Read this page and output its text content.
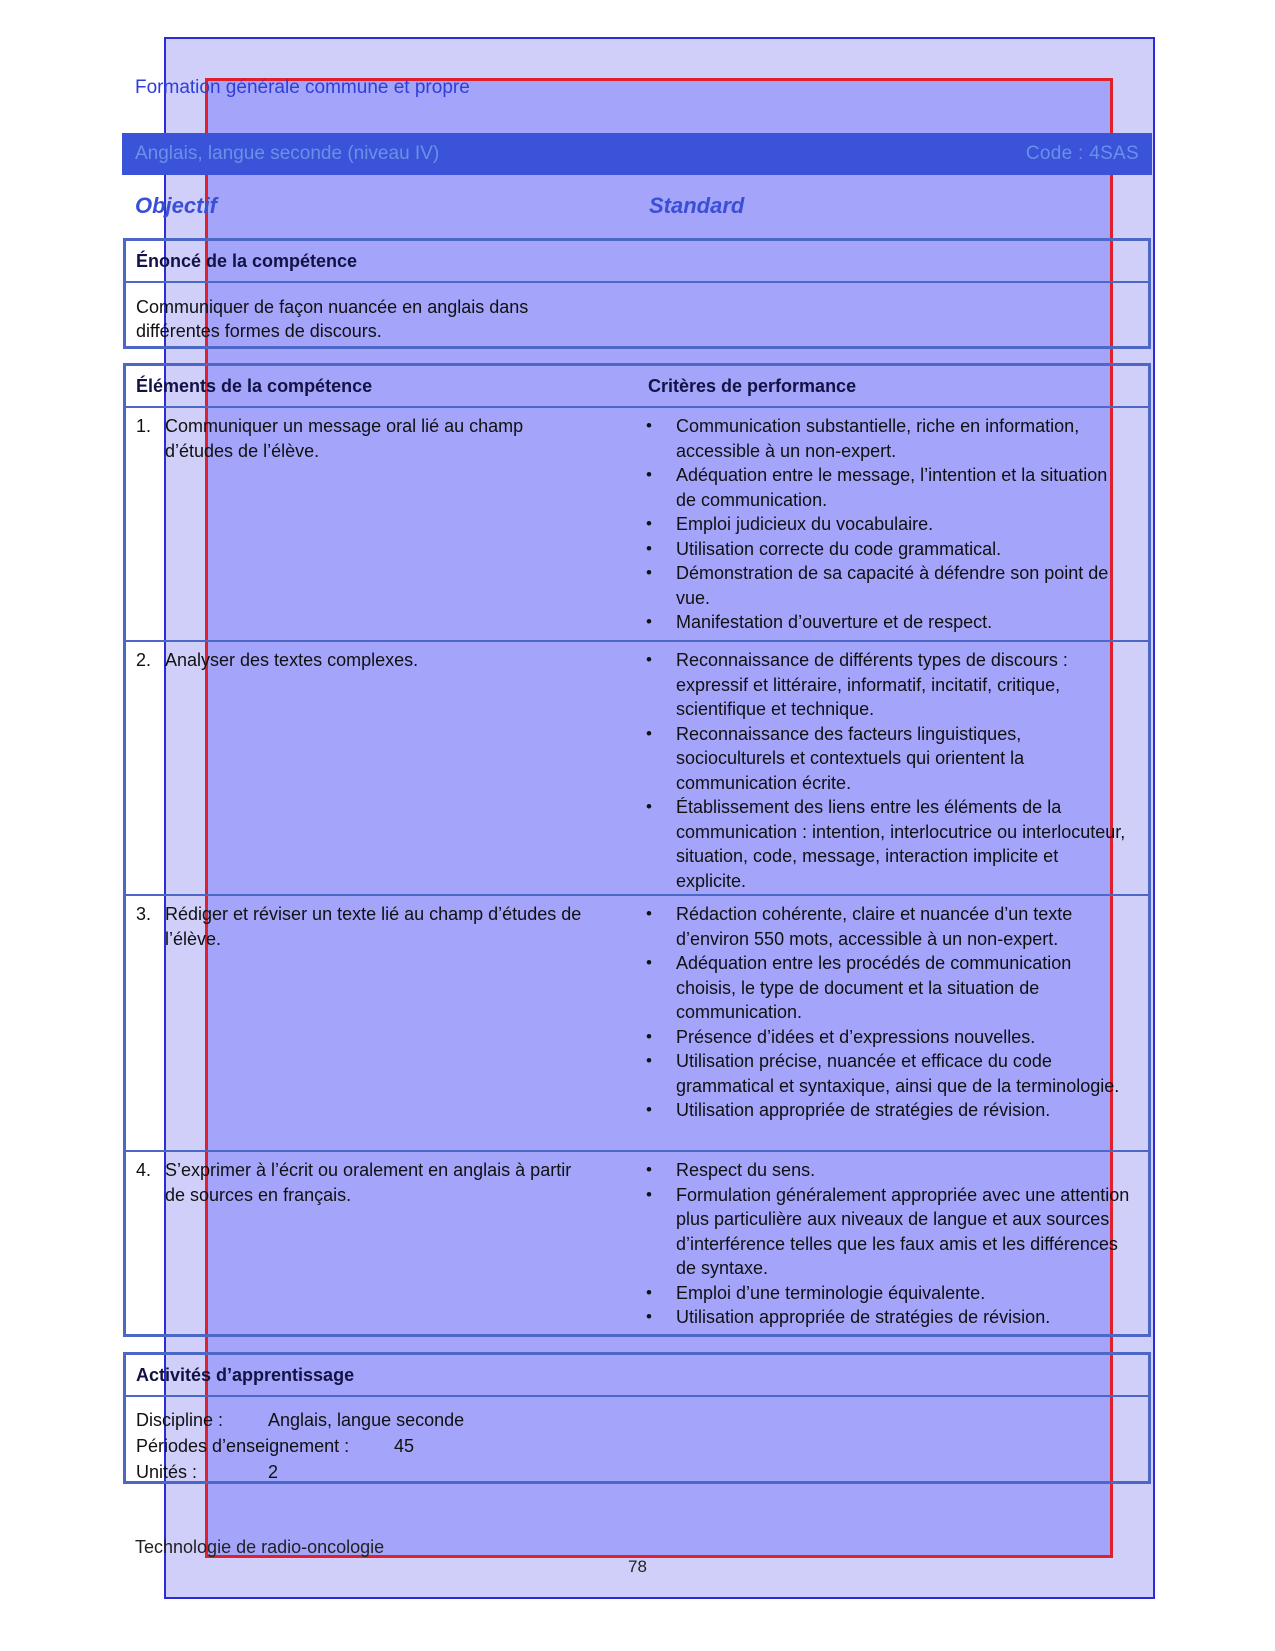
Formation générale commune et propre
Anglais, langue seconde (niveau IV)	Code : 4SAS
Objectif	Standard
Énoncé de la compétence
Communiquer de façon nuancée en anglais dans différentes formes de discours.
Éléments de la compétence	Critères de performance
1. Communiquer un message oral lié au champ d’études de l’élève.
• Communication substantielle, riche en information, accessible à un non-expert.
• Adéquation entre le message, l’intention et la situation de communication.
• Emploi judicieux du vocabulaire.
• Utilisation correcte du code grammatical.
• Démonstration de sa capacité à défendre son point de vue.
• Manifestation d’ouverture et de respect.
2. Analyser des textes complexes.
•	Reconnaissance de différents types de discours : expressif et littéraire, informatif, incitatif, critique, scientifique et technique.
• Reconnaissance des facteurs linguistiques, socioculturels et contextuels qui orientent la communication écrite.
• Établissement des liens entre les éléments de la communication : intention, interlocutrice ou interlocuteur, situation, code, message, interaction implicite et explicite.
3. Rédiger et réviser un texte lié au champ d’études de l’élève.
• Rédaction cohérente, claire et nuancée d’un texte d’environ 550 mots, accessible à un non-expert.
• Adéquation entre les procédés de communication choisis, le type de document et la situation de communication.
• Présence d’idées et d’expressions nouvelles.
• Utilisation précise, nuancée et efficace du code grammatical et syntaxique, ainsi que de la terminologie.
• Utilisation appropriée de stratégies de révision.
4. S’exprimer à l’écrit ou oralement en anglais à partir de sources en français.
• Respect du sens.
• Formulation généralement appropriée avec une attention plus particulière aux niveaux de langue et aux sources d’interférence telles que les faux amis et les différences de syntaxe.
• Emploi d’une terminologie équivalente.
• Utilisation appropriée de stratégies de révision.
Activités d’apprentissage
Discipline : Anglais, langue seconde
Périodes d’enseignement : 45
Unités :	2
Technologie de radio-oncologie
78
